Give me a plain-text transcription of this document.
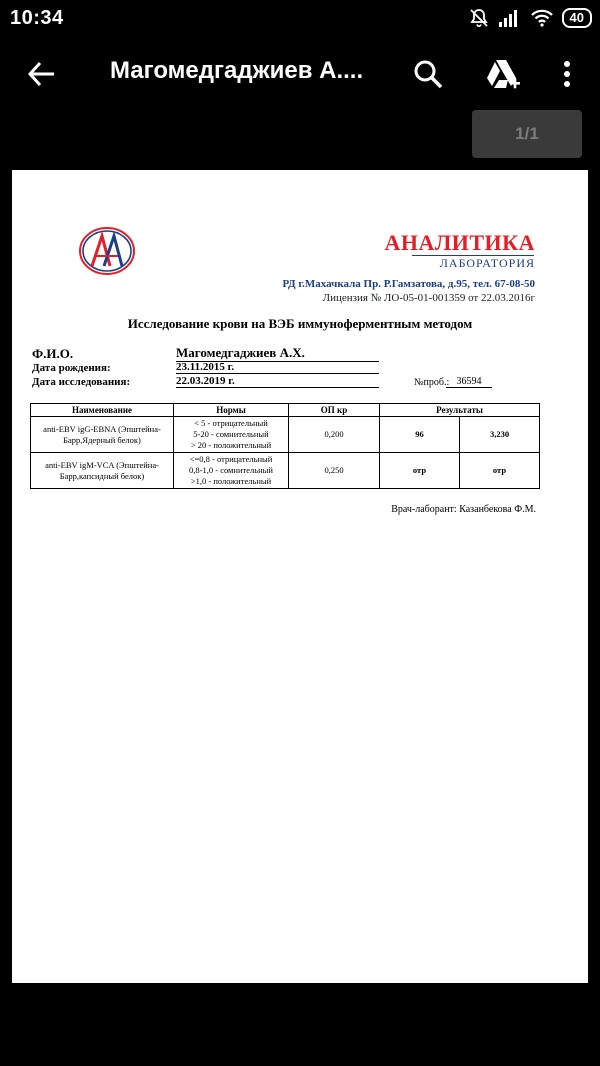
10:34	40
Магомедгаджиев А....
1/1
АНАЛИТИКА
ЛАБОРАТОРИЯ
РД г.Махачкала Пр. Р.Гамзатова, д.95, тел. 67-08-50
Лицензия № ЛО-05-01-001359 от 22.03.2016г
Исследование крови на ВЭБ иммуноферментным методом
Ф.И.О.	Магомедгаджиев А.Х.
Дата рождения:	23.11.2015 г.
Дата исследования:	22.03.2019 г.	№проб.: 36594
Наименование	Нормы	ОП кр	Результаты	
anti-EBV igG-EBNA (Эпштейна-Барр,Ядерный белок)	< 5 - отрицательный
5-20 - сомнительный
> 20 - положительный	0,200	96	3,230
anti-EBV igM-VCA (Эпштейна-Барр,капсидный белок)	<=0,8 - отрицательный
0,8-1,0 - сомнительный
>1,0 - положительный	0,250	отр	отр
Врач-лаборант: Казанбекова Ф.М.
